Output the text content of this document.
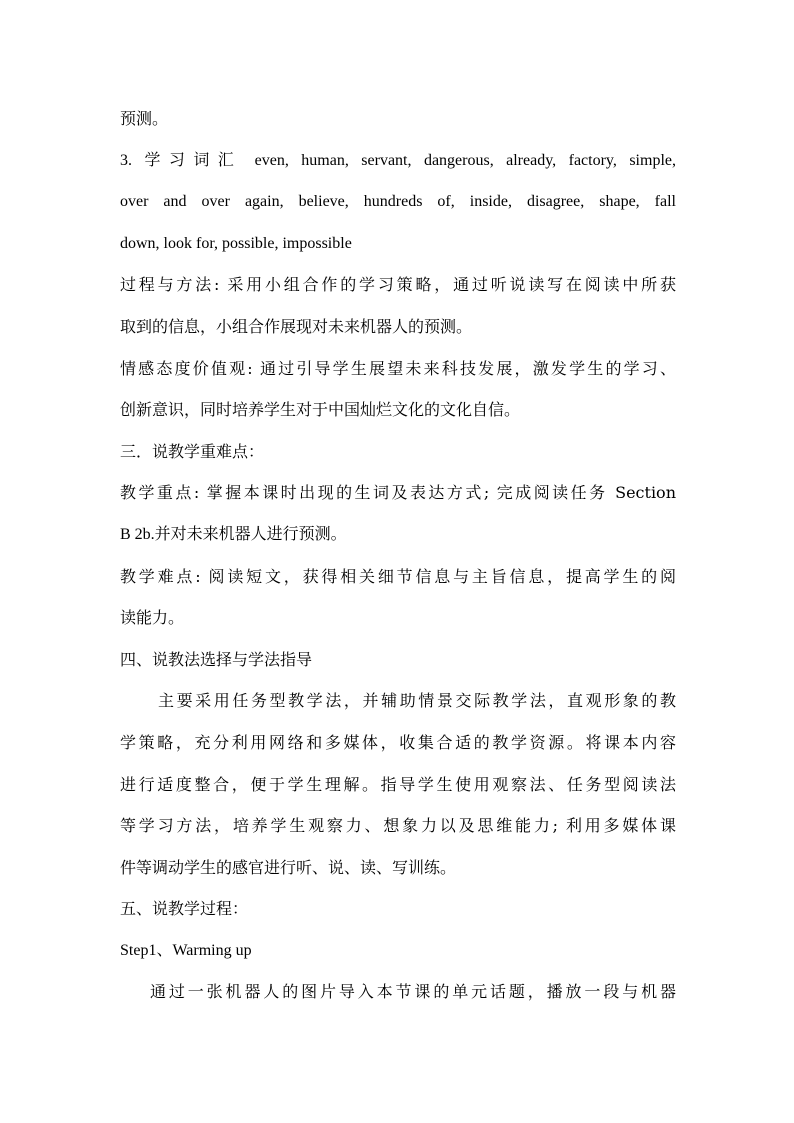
预测。
3. 学习词汇 even, human, servant, dangerous, already, factory, simple,
over and over again, believe, hundreds of, inside, disagree, shape, fall
down, look for, possible, impossible
过程与方法: 采用小组合作的学习策略，通过听说读写在阅读中所获
取到的信息，小组合作展现对未来机器人的预测。
情感态度价值观: 通过引导学生展望未来科技发展，激发学生的学习、
创新意识，同时培养学生对于中国灿烂文化的文化自信。
三．说教学重难点：
教学重点: 掌握本课时出现的生词及表达方式; 完成阅读任务 Section
B 2b.并对未来机器人进行预测。
教学难点: 阅读短文，获得相关细节信息与主旨信息，提高学生的阅
读能力。
四、说教法选择与学法指导
主要采用任务型教学法，并辅助情景交际教学法，直观形象的教
学策略，充分利用网络和多媒体，收集合适的教学资源。将课本内容
进行适度整合，便于学生理解。指导学生使用观察法、任务型阅读法
等学习方法，培养学生观察力、想象力以及思维能力; 利用多媒体课
件等调动学生的感官进行听、说、读、写训练。
五、说教学过程：
Step1、Warming up
通过一张机器人的图片导入本节课的单元话题，播放一段与机器
